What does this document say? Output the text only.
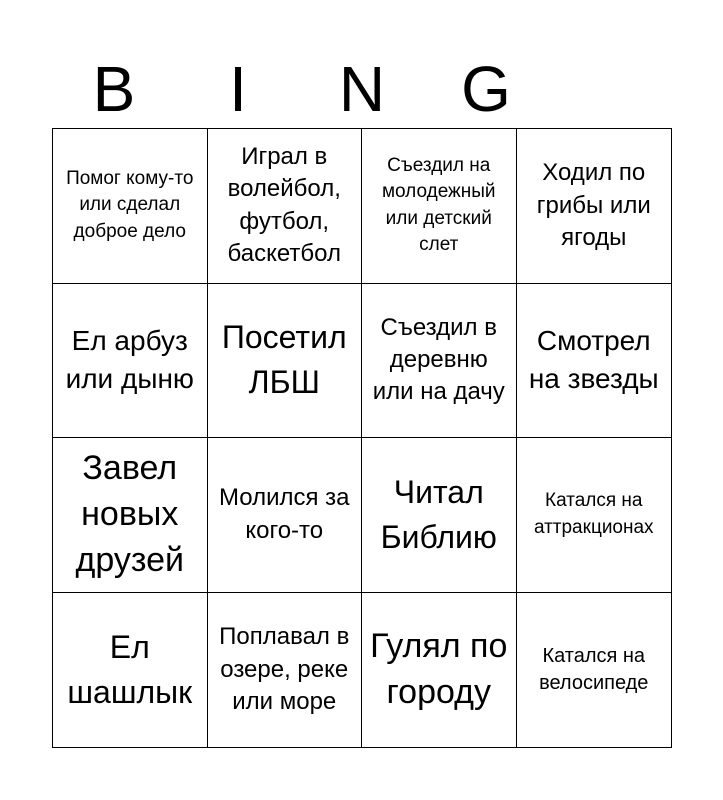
B	I	N	G
Помог кому-то или сделал доброе дело
Играл в волейбол, футбол, баскетбол
Съездил на молодежный или детский слет
Ходил по грибы или ягоды
Ел арбуз или дыню
Посетил ЛБШ
Съездил в деревню или на дачу
Смотрел на звезды
Завел новых друзей
Молился за кого-то
Читал Библию
Катался на аттракционах
Ел шашлык
Поплавал в озере, реке или море
Гулял по городу
Катался на велосипеде
